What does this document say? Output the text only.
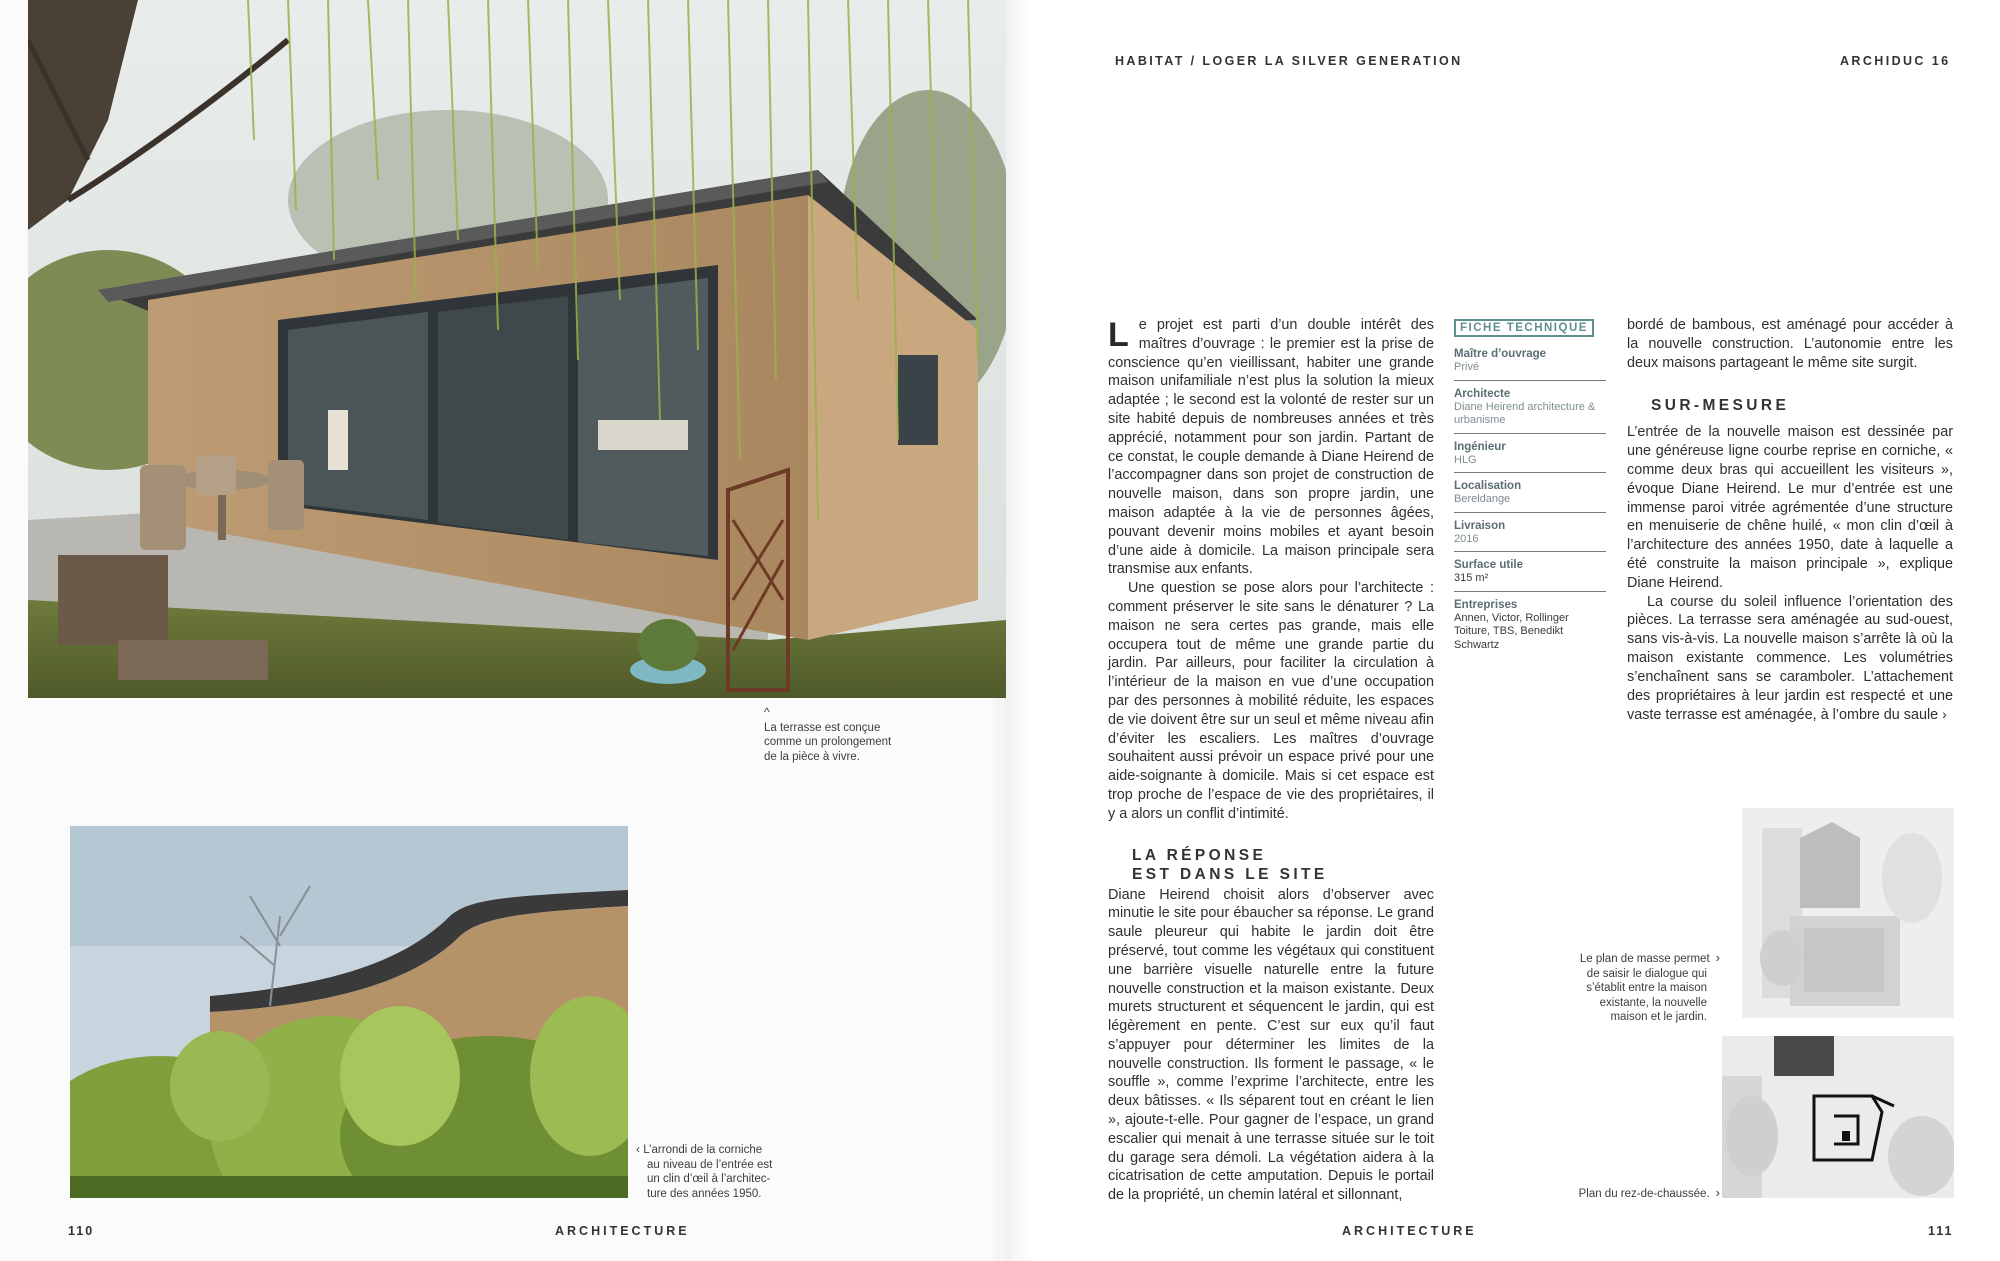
^
La terrasse est conçue
comme un prolongement
de la pièce à vivre.
‹ L’arrondi de la corniche
au niveau de l’entrée est
un clin d’œil à l’architec-
ture des années 1950.
110	ARCHITECTURE
HABITAT / LOGER LA SILVER GENERATION	ARCHIDUC 16

Le projet est parti d’un double intérêt des maîtres d’ouvrage : le premier est la prise de conscience qu’en vieillissant, habiter une grande maison unifamiliale n’est plus la solution la mieux adaptée ; le second est la volonté de rester sur un site habité depuis de nombreuses années et très apprécié, notamment pour son jardin. Partant de ce constat, le couple demande à Diane Heirend de l’accompagner dans son projet de construction de nouvelle maison, dans son propre jardin, une maison adaptée à la vie de personnes âgées, pouvant devenir moins mobiles et ayant besoin d’une aide à domicile. La maison principale sera transmise aux enfants.

Une question se pose alors pour l’architecte : comment préserver le site sans le dénaturer ? La maison ne sera certes pas grande, mais elle occupera tout de même une grande partie du jardin. Par ailleurs, pour faciliter la circulation à l’intérieur de la maison en vue d’une occupation par des personnes à mobilité réduite, les espaces de vie doivent être sur un seul et même niveau afin d’éviter les escaliers. Les maîtres d’ouvrage souhaitent aussi prévoir un espace privé pour une aide-soignante à domicile. Mais si cet espace est trop proche de l’espace de vie des propriétaires, il y a alors un conflit d’intimité.

LA RÉPONSE
EST DANS LE SITE

Diane Heirend choisit alors d’observer avec minutie le site pour ébaucher sa réponse. Le grand saule pleureur qui habite le jardin doit être préservé, tout comme les végétaux qui constituent une barrière visuelle naturelle entre la future nouvelle construction et la maison existante. Deux murets structurent et séquencent le jardin, qui est légèrement en pente. C’est sur eux qu’il faut s’appuyer pour déterminer les limites de la nouvelle construction. Ils forment le passage, « le souffle », comme l’exprime l’architecte, entre les deux bâtisses. « Ils séparent tout en créant le lien », ajoute-t-elle. Pour gagner de l’espace, un grand escalier qui menait à une terrasse située sur le toit du garage sera démoli. La végétation aidera à la cicatrisation de cette amputation. Depuis le portail de la propriété, un chemin latéral et sillonnant,

FICHE TECHNIQUE
Maître d’ouvrage
Privé
Architecte
Diane Heirend architecture & urbanisme
Ingénieur
HLG
Localisation
Bereldange
Livraison
2016
Surface utile
315 m²
Entreprises
Annen, Victor, Rollinger Toiture, TBS, Benedikt Schwartz

bordé de bambous, est aménagé pour accéder à la nouvelle construction. L’autonomie entre les deux maisons partageant le même site surgit.

SUR-MESURE

L’entrée de la nouvelle maison est dessinée par une généreuse ligne courbe reprise en corniche, « comme deux bras qui accueillent les visiteurs », évoque Diane Heirend. Le mur d’entrée est une immense paroi vitrée agrémentée d’une structure en menuiserie de chêne huilé, « mon clin d’œil à l’architecture des années 1950, date à laquelle a été construite la maison principale », explique Diane Heirend.

La course du soleil influence l’orientation des pièces. La terrasse sera aménagée au sud-ouest, sans vis-à-vis. La nouvelle maison s’arrête là où la maison existante commence. Les volumétries s’enchaînent sans se caramboler. L’attachement des propriétaires à leur jardin est respecté et une vaste terrasse est aménagée, à l’ombre du saule ›

Le plan de masse permet ›
de saisir le dialogue qui
s’établit entre la maison
existante, la nouvelle
maison et le jardin.
Plan du rez-de-chaussée. ›
ARCHITECTURE	111
